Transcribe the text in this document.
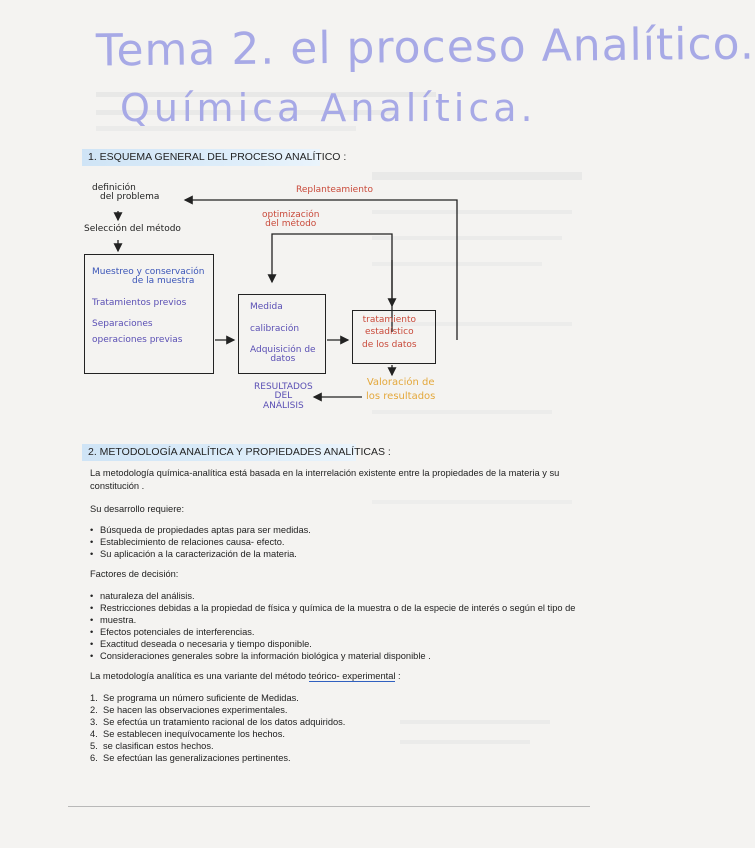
Tema 2. el proceso Analítico.
Química Analítica.
1. ESQUEMA GENERAL DEL PROCESO ANALÍTICO :
definición
del problema
Selección del método
Replanteamiento
optimización
del método
Muestreo y conservación
de la muestra
Tratamientos previos
Separaciones
operaciones previas
Medida
calibración
Adquisición de
datos
tratamiento
estadístico
de los datos
RESULTADOS
DEL
ANÁLISIS
Valoración de
los resultados
2. METODOLOGÍA ANALÍTICA Y PROPIEDADES ANALÍTICAS :
La metodología química-analítica está basada en la interrelación existente entre la propiedades de la materia y su
constitución .
Su desarrollo requiere:
• Búsqueda de propiedades aptas para ser medidas.
• Establecimiento de relaciones causa- efecto.
• Su aplicación a la caracterización de la materia.
Factores de decisión:
• naturaleza del análisis.
• Restricciones debidas a la propiedad de física y química de la muestra o de la especie de interés o según el tipo de
• muestra.
• Efectos potenciales de interferencias.
• Exactitud deseada o necesaria y tiempo disponible.
• Consideraciones generales sobre la información biológica y material disponible .
La metodología analítica es una variante del método teórico- experimental :
1. Se programa un número suficiente de Medidas.
2. Se hacen las observaciones experimentales.
3. Se efectúa un tratamiento racional de los datos adquiridos.
4. Se establecen inequívocamente los hechos.
5. se clasifican estos hechos.
6. Se efectúan las generalizaciones pertinentes.
